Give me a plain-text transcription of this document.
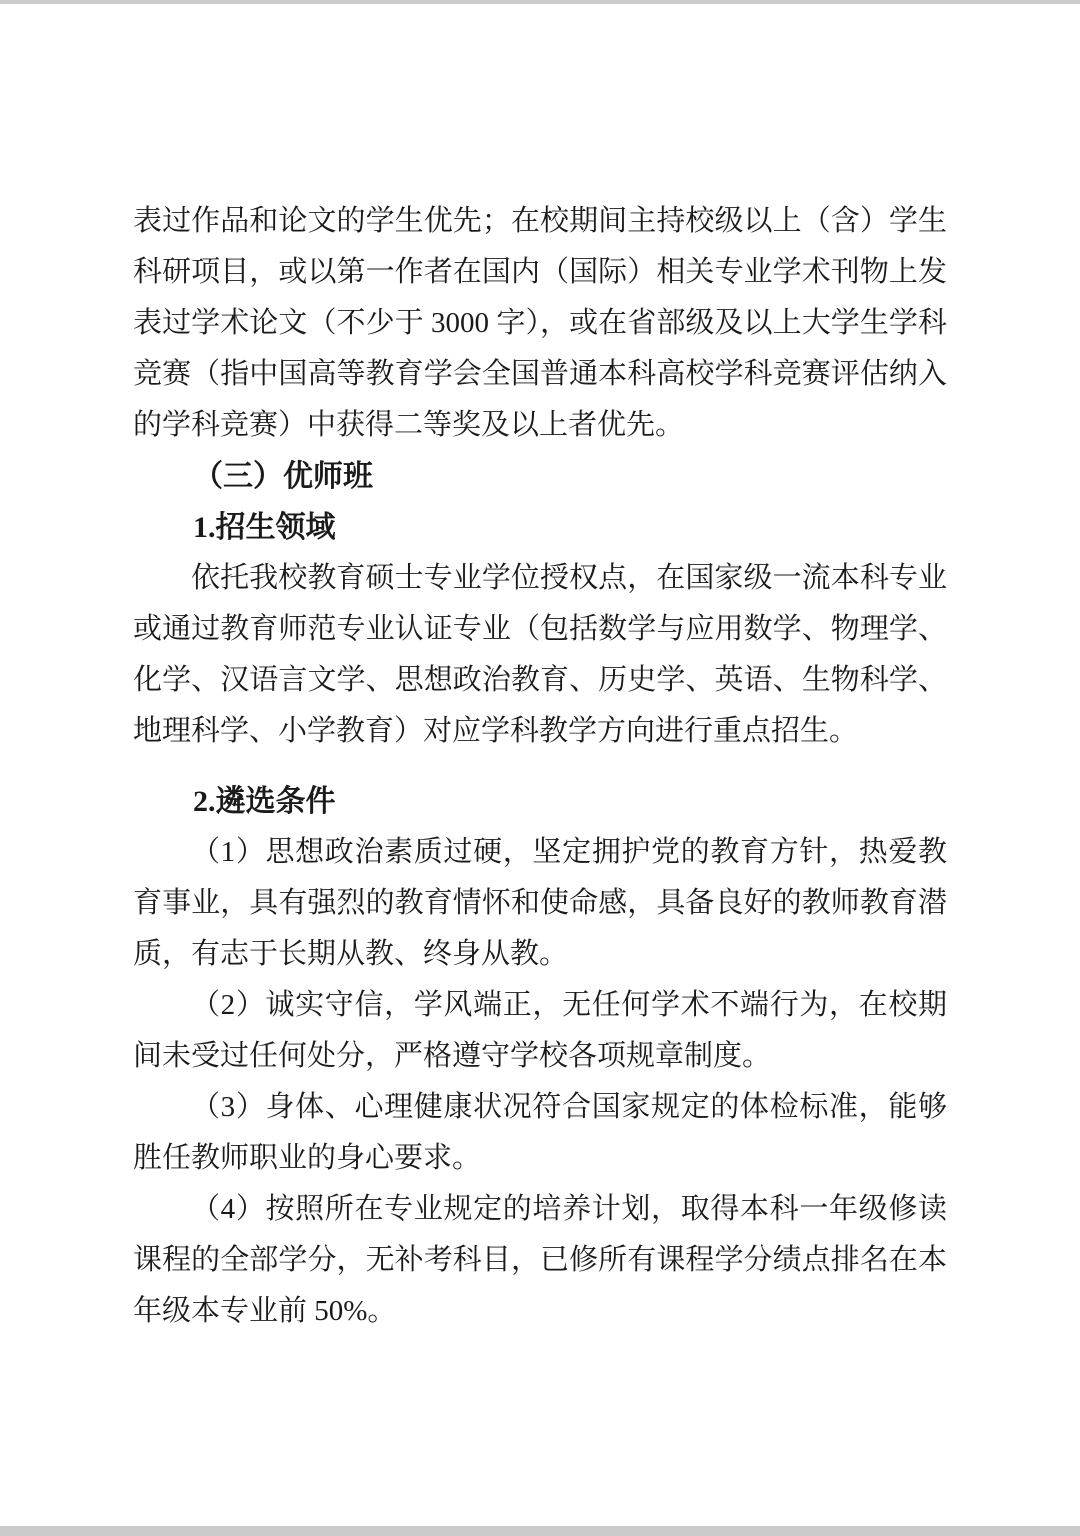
表过作品和论文的学生优先；在校期间主持校级以上（含）学生科研项目，或以第一作者在国内（国际）相关专业学术刊物上发表过学术论文（不少于 3000 字），或在省部级及以上大学生学科竞赛（指中国高等教育学会全国普通本科高校学科竞赛评估纳入的学科竞赛）中获得二等奖及以上者优先。

（三）优师班
1.招生领域

依托我校教育硕士专业学位授权点，在国家级一流本科专业或通过教育师范专业认证专业（包括数学与应用数学、物理学、化学、汉语言文学、思想政治教育、历史学、英语、生物科学、地理科学、小学教育）对应学科教学方向进行重点招生。

2.遴选条件

（1）思想政治素质过硬，坚定拥护党的教育方针，热爱教育事业，具有强烈的教育情怀和使命感，具备良好的教师教育潜质，有志于长期从教、终身从教。

（2）诚实守信，学风端正，无任何学术不端行为，在校期间未受过任何处分，严格遵守学校各项规章制度。

（3）身体、心理健康状况符合国家规定的体检标准，能够胜任教师职业的身心要求。

（4）按照所在专业规定的培养计划，取得本科一年级修读课程的全部学分，无补考科目，已修所有课程学分绩点排名在本年级本专业前 50%。
